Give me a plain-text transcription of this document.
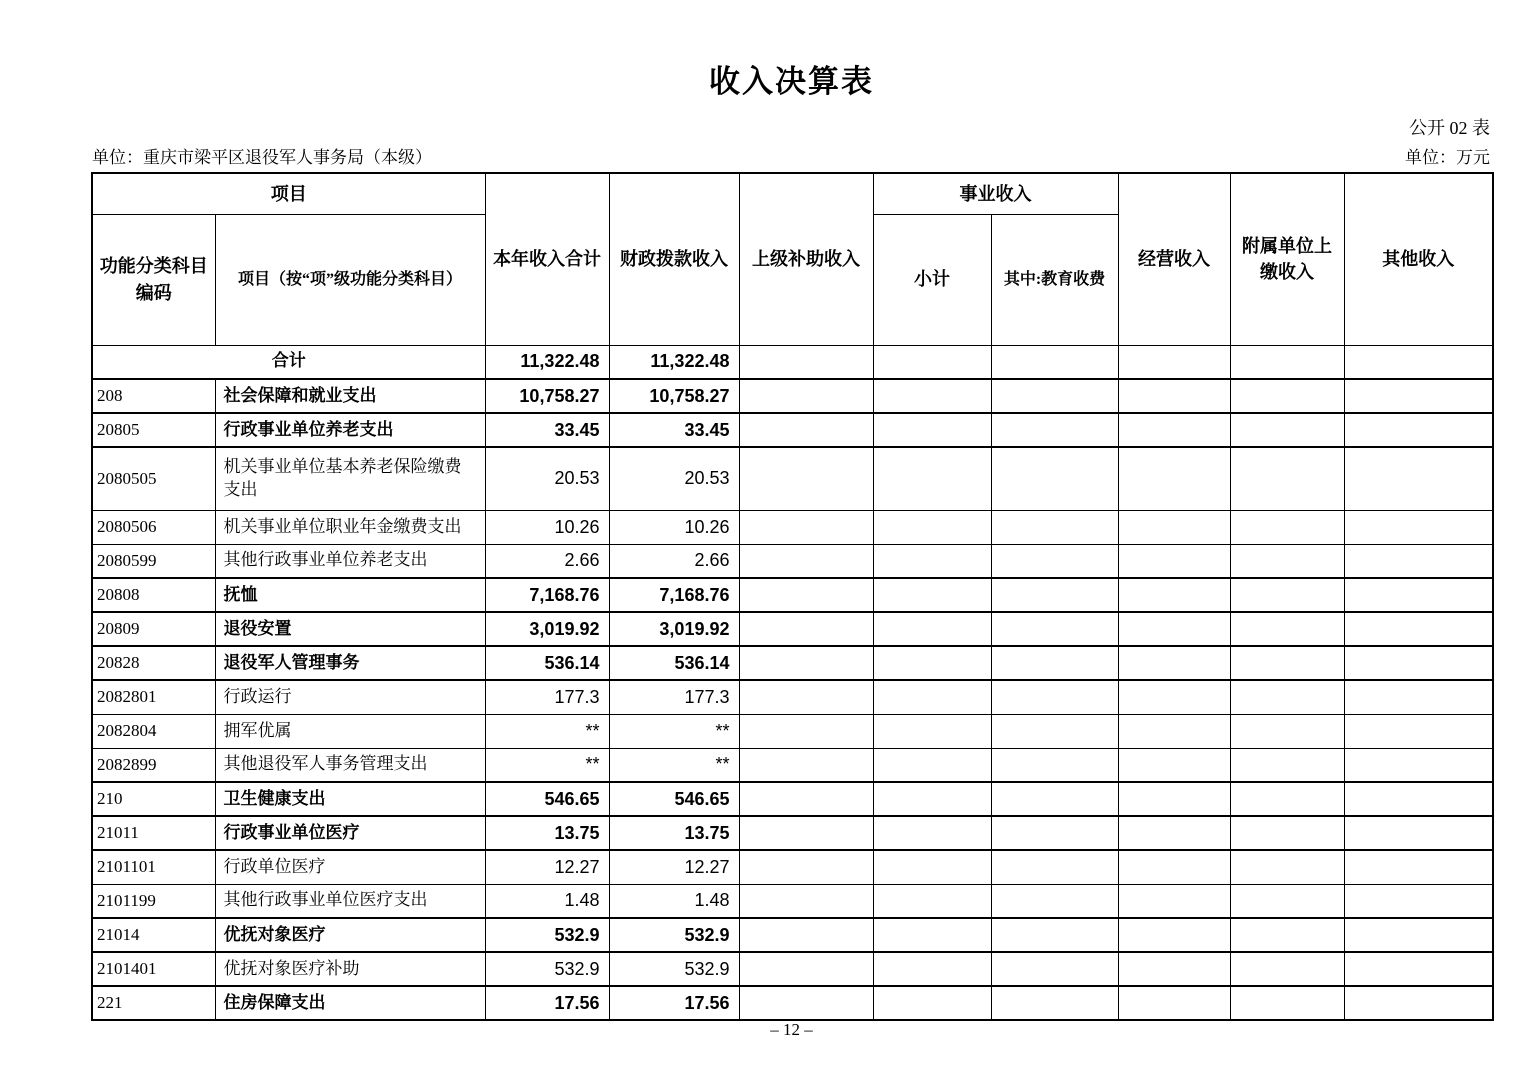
收入决算表
公开 02 表
单位：重庆市梁平区退役军人事务局（本级）	单位：万元
项目		本年收入合计	财政拨款收入	上级补助收入	事业收入		经营收入	附属单位上缴收入	其他收入
功能分类科目编码	项目（按“项”级功能分类科目）				小计	其中:教育收费			
合计		11,322.48	11,322.48						
208	社会保障和就业支出	10,758.27	10,758.27						
20805	行政事业单位养老支出	33.45	33.45						
2080505	机关事业单位基本养老保险缴费支出	20.53	20.53						
2080506	机关事业单位职业年金缴费支出	10.26	10.26						
2080599	其他行政事业单位养老支出	2.66	2.66						
20808	抚恤	7,168.76	7,168.76						
20809	退役安置	3,019.92	3,019.92						
20828	退役军人管理事务	536.14	536.14						
2082801	行政运行	177.3	177.3						
2082804	拥军优属	**	**						
2082899	其他退役军人事务管理支出	**	**						
210	卫生健康支出	546.65	546.65						
21011	行政事业单位医疗	13.75	13.75						
2101101	行政单位医疗	12.27	12.27						
2101199	其他行政事业单位医疗支出	1.48	1.48						
21014	优抚对象医疗	532.9	532.9						
2101401	优抚对象医疗补助	532.9	532.9						
221	住房保障支出	17.56	17.56						
– 12 –
